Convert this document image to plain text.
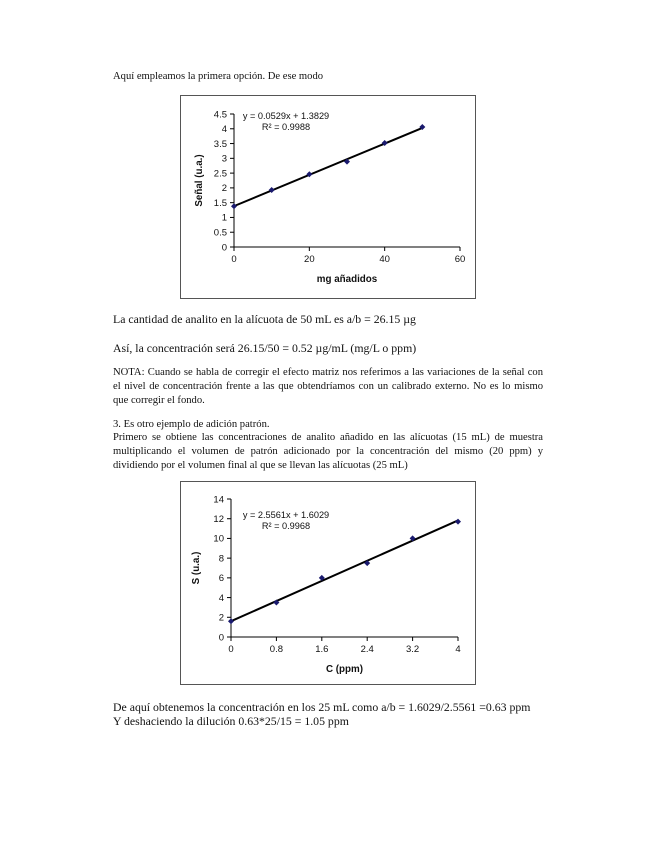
Aquí empleamos la primera opción. De ese modo

0
0.5
1
1.5
2
2.5
3
3.5
4
4.5
0	20	40	60
mg añadidos
Señal (u.a.)
y = 0.0529x + 1.3829
R² = 0.9988

La cantidad de analito en la alícuota de 50 mL es a/b = 26.15 µg

Así, la concentración será 26.15/50 = 0.52 µg/mL (mg/L o ppm)

NOTA: Cuando se habla de corregir el efecto matriz nos referimos a las variaciones de la señal con el nivel de concentración frente a las que obtendríamos con un calibrado externo. No es lo mismo que corregir el fondo.

3. Es otro ejemplo de adición patrón.

Primero se obtiene las concentraciones de analito añadido en las alícuotas (15 mL) de muestra multiplicando el volumen de patrón adicionado por la concentración del mismo (20 ppm) y dividiendo por el volumen final al que se llevan las alícuotas (25 mL)

0
2
4
6
8
10
12
14
0	0.8	1.6	2.4	3.2	4
C (ppm)
S (u.a.)
y = 2.5561x + 1.6029
R² = 0.9968

De aquí obtenemos la concentración en los 25 mL como a/b = 1.6029/2.5561 =0.63 ppm

Y deshaciendo la dilución 0.63*25/15 = 1.05 ppm
